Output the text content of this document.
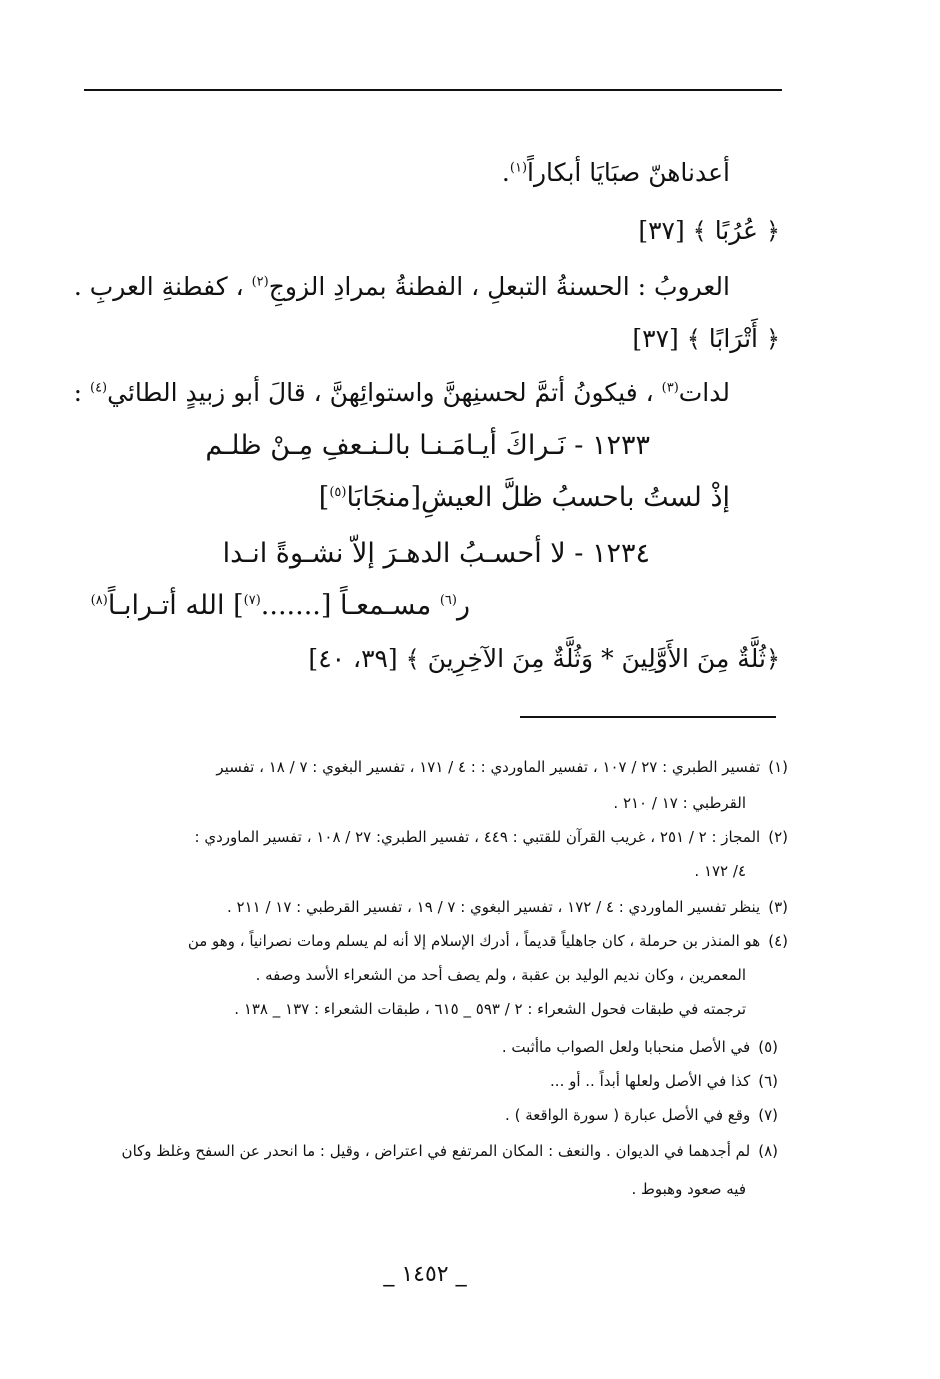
أعدناهنّ صبَايَا أبكاراً$^{(١)}$.
﴿ عُرُبًا ﴾ [٣٧]
العروبُ : الحسنةُ التبعلِ ، الفطنةُ بمرادِ الزوجِ$^{(٢)}$ ، كفطنةِ العربِ .
﴿ أَتْرَابًا ﴾ [٣٧]
لدات$^{(٣)}$ ، فيكونُ أتمَّ لحسنِهنَّ واستوائِهنَّ ، قالَ أبو زبيدٍ الطائي$^{(٤)}$ :
١٢٣٣ - نَـراكَ أيـامَـنـا بالـنـعفِ مِـنْ ظلـم
إذْ لستُ باحسبُ ظلَّ العيشِ[منجَابَا$^{(٥)}$]
١٢٣٤ - لا أحسـبُ الدهـرَ إلاّ نشـوةً انـدا
ر$^{(٦)}$ مسـمعـاً [.......$^{(٧)}$] الله أتـرابـاً$^{(٨)}$
﴿ثُلَّةٌ مِنَ الأَوَّلِينَ * وَثُلَّةٌ مِنَ الآخِرِينَ ﴾ [٣٩، ٤٠]
(١)تفسير الطبري : ٢٧ / ١٠٧ ، تفسير الماوردي : : ٤ / ١٧١ ، تفسير البغوي : ٧ / ١٨ ، تفسير
القرطبي : ١٧ / ٢١٠ .
(٢)المجاز : ٢ / ٢٥١ ، غريب القرآن للقتبي : ٤٤٩ ، تفسير الطبري: ٢٧ / ١٠٨ ، تفسير الماوردي :
٤/ ١٧٢ .
(٣)ينظر تفسير الماوردي : ٤ / ١٧٢ ، تفسير البغوي : ٧ / ١٩ ، تفسير القرطبي : ١٧ / ٢١١ .
(٤)هو المنذر بن حرملة ، كان جاهلياً قديماً ، أدرك الإسلام إلا أنه لم يسلم ومات نصرانياً ، وهو من
المعمرين ، وكان نديم الوليد بن عقبة ، ولم يصف أحد من الشعراء الأسد وصفه .
ترجمته في طبقات فحول الشعراء : ٢ / ٥٩٣ _ ٦١٥ ، طبقات الشعراء : ١٣٧ _ ١٣٨ .
(٥)في الأصل منحبابا ولعل الصواب ماأثبت .
(٦)كذا في الأصل ولعلها أبداً .. أو ...
(٧)وقع في الأصل عبارة ( سورة الواقعة ) .
(٨)لم أجدهما في الديوان . والنعف : المكان المرتفع في اعتراض ، وقيل : ما انحدر عن السفح وغلظ وكان
فيه صعود وهبوط .
_ ١٤٥٢ _
